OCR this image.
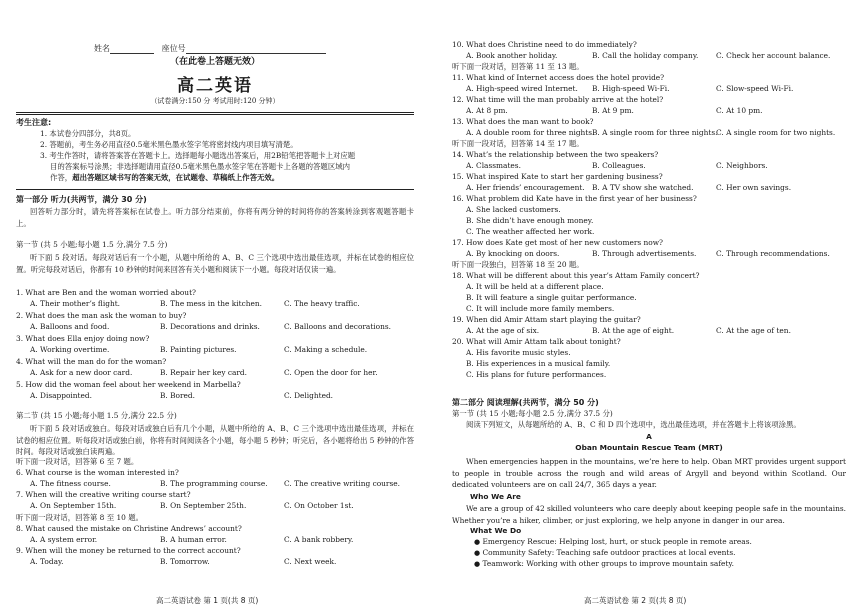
姓名	座位号
（在此卷上答题无效）
高二英语
（试卷满分:150 分 考试用时:120 分钟）
考生注意:
1. 本试卷分四部分，共8页。
2. 答题前，考生务必用直径0.5毫米黑色墨水签字笔将密封线内项目填写清楚。
3. 考生作答时，请将答案答在答题卡上。选择题每小题选出答案后，用2B铅笔把答题卡上对应题
目的答案标号涂黑；非选择题请用直径0.5毫米黑色墨水签字笔在答题卡上各题的答题区域内
作答，超出答题区域书写的答案无效，在试题卷、草稿纸上作答无效。
第一部分 听力(共两节，满分 30 分)
回答听力部分时，请先将答案标在试卷上。听力部分结束前，你将有两分钟的时间将你的答案转涂到客观题答题卡上。
第一节 (共 5 小题;每小题 1.5 分,满分 7.5 分)
听下面 5 段对话。每段对话后有一个小题，从题中所给的 A、B、C 三个选项中选出最佳选项，并标在试卷的相应位置。听完每段对话后，你都有 10 秒钟的时间来回答有关小题和阅读下一小题。每段对话仅读一遍。
1. What are Ben and the woman worried about?
A. Their mother’s flight.	B. The mess in the kitchen.	C. The heavy traffic.
2. What does the man ask the woman to buy?
A. Balloons and food.	B. Decorations and drinks.	C. Balloons and decorations.
3. What does Ella enjoy doing now?
A. Working overtime.	B. Painting pictures.	C. Making a schedule.
4. What will the man do for the woman?
A. Ask for a new door card.	B. Repair her key card.	C. Open the door for her.
5. How did the woman feel about her weekend in Marbella?
A. Disappointed.	B. Bored.	C. Delighted.
第二节 (共 15 小题;每小题 1.5 分,满分 22.5 分)
听下面 5 段对话或独白。每段对话或独白后有几个小题，从题中所给的 A、B、C 三个选项中选出最佳选项，并标在试卷的相应位置。听每段对话或独白前，你将有时间阅读各个小题，每小题 5 秒钟；听完后，各小题将给出 5 秒钟的作答时间。每段对话或独白读两遍。
听下面一段对话，回答第 6 至 7 题。
6. What course is the woman interested in?
A. The fitness course.	B. The programming course. C. The creative writing course.
7. When will the creative writing course start?
A. On September 15th.	B. On September 25th.	C. On October 1st.
8. What caused the mistake on Christine Andrews’ account?
A. A system error.	B. A human error.	C. A bank robbery.
9. When will the money be returned to the correct account?
A. Today.	B. Tomorrow.	C. Next week.
听下面一段对话，回答第 8 至 10 题。
高二英语试卷 第 1 页(共 8 页)
10. What does Christine need to do immediately?
A. Book another holiday.	B. Call the holiday company. C. Check her account balance.
听下面一段对话，回答第 11 至 13 题。
11. What kind of Internet access does the hotel provide?
A. High-speed wired Internet. B. High-speed Wi-Fi.	C. Slow-speed Wi-Fi.
12. What time will the man probably arrive at the hotel?
A. At 8 pm.	B. At 9 pm.	C. At 10 pm.
13. What does the man want to book?
A. A double room for three nights.
B. A single room for three nights.
C. A single room for two nights.
听下面一段对话，回答第 14 至 17 题。
14. What’s the relationship between the two speakers?
A. Classmates.	B. Colleagues.	C. Neighbors.
15. What inspired Kate to start her gardening business?
A. Her friends’ encouragement. B. A TV show she watched.	C. Her own savings.
16. What problem did Kate have in the first year of her business?
A. She lacked customers.
B. She didn’t have enough money.
C. The weather affected her work.
17. How does Kate get most of her new customers now?
A. By knocking on doors.	B. Through advertisements.	C. Through recommendations.
听下面一段独白，回答第 18 至 20 题。
18. What will be different about this year’s Attam Family concert?
A. It will be held at a different place.
B. It will feature a single guitar performance.
C. It will include more family members.
19. When did Amir Attam start playing the guitar?
A. At the age of six.	B. At the age of eight.	C. At the age of ten.
20. What will Amir Attam talk about tonight?
A. His favorite music styles.
B. His experiences in a musical family.
C. His plans for future performances.
第二部分 阅读理解(共两节，满分 50 分)
第一节 (共 15 小题;每小题 2.5 分,满分 37.5 分)
阅读下列短文，从每题所给的 A、B、C 和 D 四个选项中，选出最佳选项，并在答题卡上将该项涂黑。
A
Oban Mountain Rescue Team (MRT)
When emergencies happen in the mountains, we’re here to help. Oban MRT provides urgent support to people in trouble across the rough and wild areas of Argyll and beyond within Scotland. Our dedicated volunteers are on call 24/7, 365 days a year.
Who We Are
We are a group of 42 skilled volunteers who care deeply about keeping people safe in the mountains. Whether you’re a hiker, climber, or just exploring, we help anyone in danger in our area.
What We Do
● Emergency Rescue: Helping lost, hurt, or stuck people in remote areas.
● Community Safety: Teaching safe outdoor practices at local events.
● Teamwork: Working with other groups to improve mountain safety.
高二英语试卷 第 2 页(共 8 页)
